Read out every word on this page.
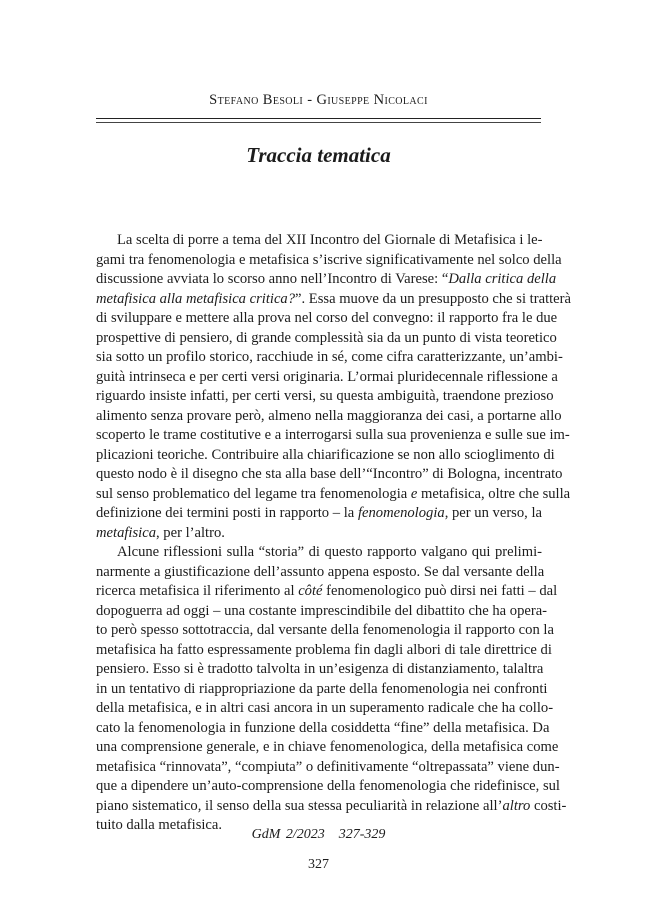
Stefano Besoli - Giuseppe Nicolaci
Traccia tematica
La scelta di porre a tema del XII Incontro del Giornale di Metafisica i le-
gami tra fenomenologia e metafisica s’iscrive significativamente nel solco della
discussione avviata lo scorso anno nell’Incontro di Varese: “Dalla critica della
metafisica alla metafisica critica?”. Essa muove da un presupposto che si tratterà
di sviluppare e mettere alla prova nel corso del convegno: il rapporto fra le due
prospettive di pensiero, di grande complessità sia da un punto di vista teoretico
sia sotto un profilo storico, racchiude in sé, come cifra caratterizzante, un’ambi-
guità intrinseca e per certi versi originaria. L’ormai pluridecennale riflessione a
riguardo insiste infatti, per certi versi, su questa ambiguità, traendone prezioso
alimento senza provare però, almeno nella maggioranza dei casi, a portarne allo
scoperto le trame costitutive e a interrogarsi sulla sua provenienza e sulle sue im-
plicazioni teoriche. Contribuire alla chiarificazione se non allo scioglimento di
questo nodo è il disegno che sta alla base dell’“Incontro” di Bologna, incentrato
sul senso problematico del legame tra fenomenologia e metafisica, oltre che sulla
definizione dei termini posti in rapporto – la fenomenologia, per un verso, la
metafisica, per l’altro.
Alcune riflessioni sulla “storia” di questo rapporto valgano qui prelimi-
narmente a giustificazione dell’assunto appena esposto. Se dal versante della
ricerca metafisica il riferimento al côté fenomenologico può dirsi nei fatti – dal
dopoguerra ad oggi – una costante imprescindibile del dibattito che ha opera-
to però spesso sottotraccia, dal versante della fenomenologia il rapporto con la
metafisica ha fatto espressamente problema fin dagli albori di tale direttrice di
pensiero. Esso si è tradotto talvolta in un’esigenza di distanziamento, talaltra
in un tentativo di riappropriazione da parte della fenomenologia nei confronti
della metafisica, e in altri casi ancora in un superamento radicale che ha collo-
cato la fenomenologia in funzione della cosiddetta “fine” della metafisica. Da
una comprensione generale, e in chiave fenomenologica, della metafisica come
metafisica “rinnovata”, “compiuta” o definitivamente “oltrepassata” viene dun-
que a dipendere un’auto-comprensione della fenomenologia che ridefinisce, sul
piano sistematico, il senso della sua stessa peculiarità in relazione all’altro costi-
tuito dalla metafisica.
GdM 2/2023 327-329
327
